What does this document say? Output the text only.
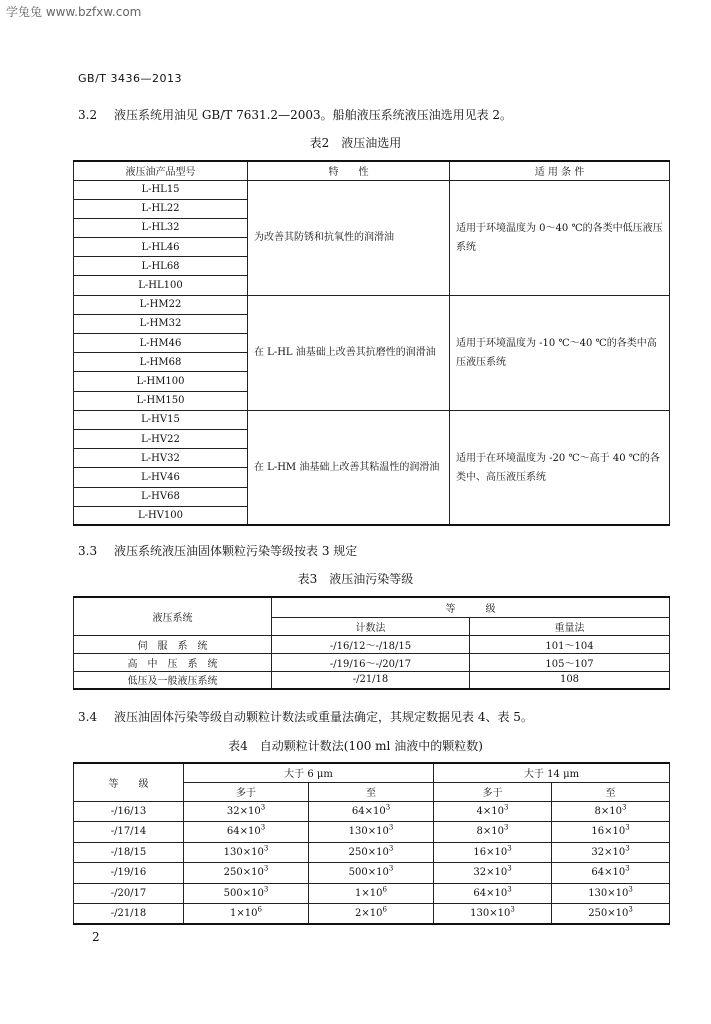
学兔兔 www.bzfxw.com
GB/T 3436—2013
3.2 液压系统用油见 GB/T 7631.2—2003。船舶液压系统液压油选用见表 2。
表2　液压油选用
液压油产品型号	特　　性	适 用 条 件
L-HL15	为改善其防锈和抗氧性的润滑油	适用于环境温度为 0～40 ℃的各类中低压液压系统
L-HL22		
L-HL32		
L-HL46		
L-HL68		
L-HL100		
L-HM22	在 L-HL 油基础上改善其抗磨性的润滑油	适用于环境温度为 -10 ℃～40 ℃的各类中高压液压系统
L-HM32		
L-HM46		
L-HM68		
L-HM100		
L-HM150		
L-HV15	在 L-HM 油基础上改善其粘温性的润滑油	适用于在环境温度为 -20 ℃～高于 40 ℃的各类中、高压液压系统
L-HV22		
L-HV32		
L-HV46		
L-HV68		
L-HV100		
3.3 液压系统液压油固体颗粒污染等级按表 3 规定
表3　液压油污染等级
液压系统	等　　　级	
	计数法	重量法
伺　服　系　统	-/16/12～-/18/15	101～104
高　中　压　系　统	-/19/16～-/20/17	105～107
低压及一般液压系统	-/21/18	108
3.4 液压油固体污染等级自动颗粒计数法或重量法确定，其规定数据见表 4、表 5。
表4　自动颗粒计数法(100 ml 油液中的颗粒数)
等　　级	大于 6 μm		大于 14 μm	
	多于	至	多于	至
-/16/13	$32\times 10^3$	$64\times 10^3$	$4\times 10^3$	$8\times 10^3$
-/17/14	$64\times 10^3$	$130\times 10^3$	$8\times 10^3$	$16\times 10^3$
-/18/15	$130\times 10^3$	$250\times 10^3$	$16\times 10^3$	$32\times 10^3$
-/19/16	$250\times 10^3$	$500\times 10^3$	$32\times 10^3$	$64\times 10^3$
-/20/17	$500\times 10^3$	$1\times 10^6$	$64\times 10^3$	$130\times 10^3$
-/21/18	$1\times 10^6$	$2\times 10^6$	$130\times 10^3$	$250\times 10^3$
2
